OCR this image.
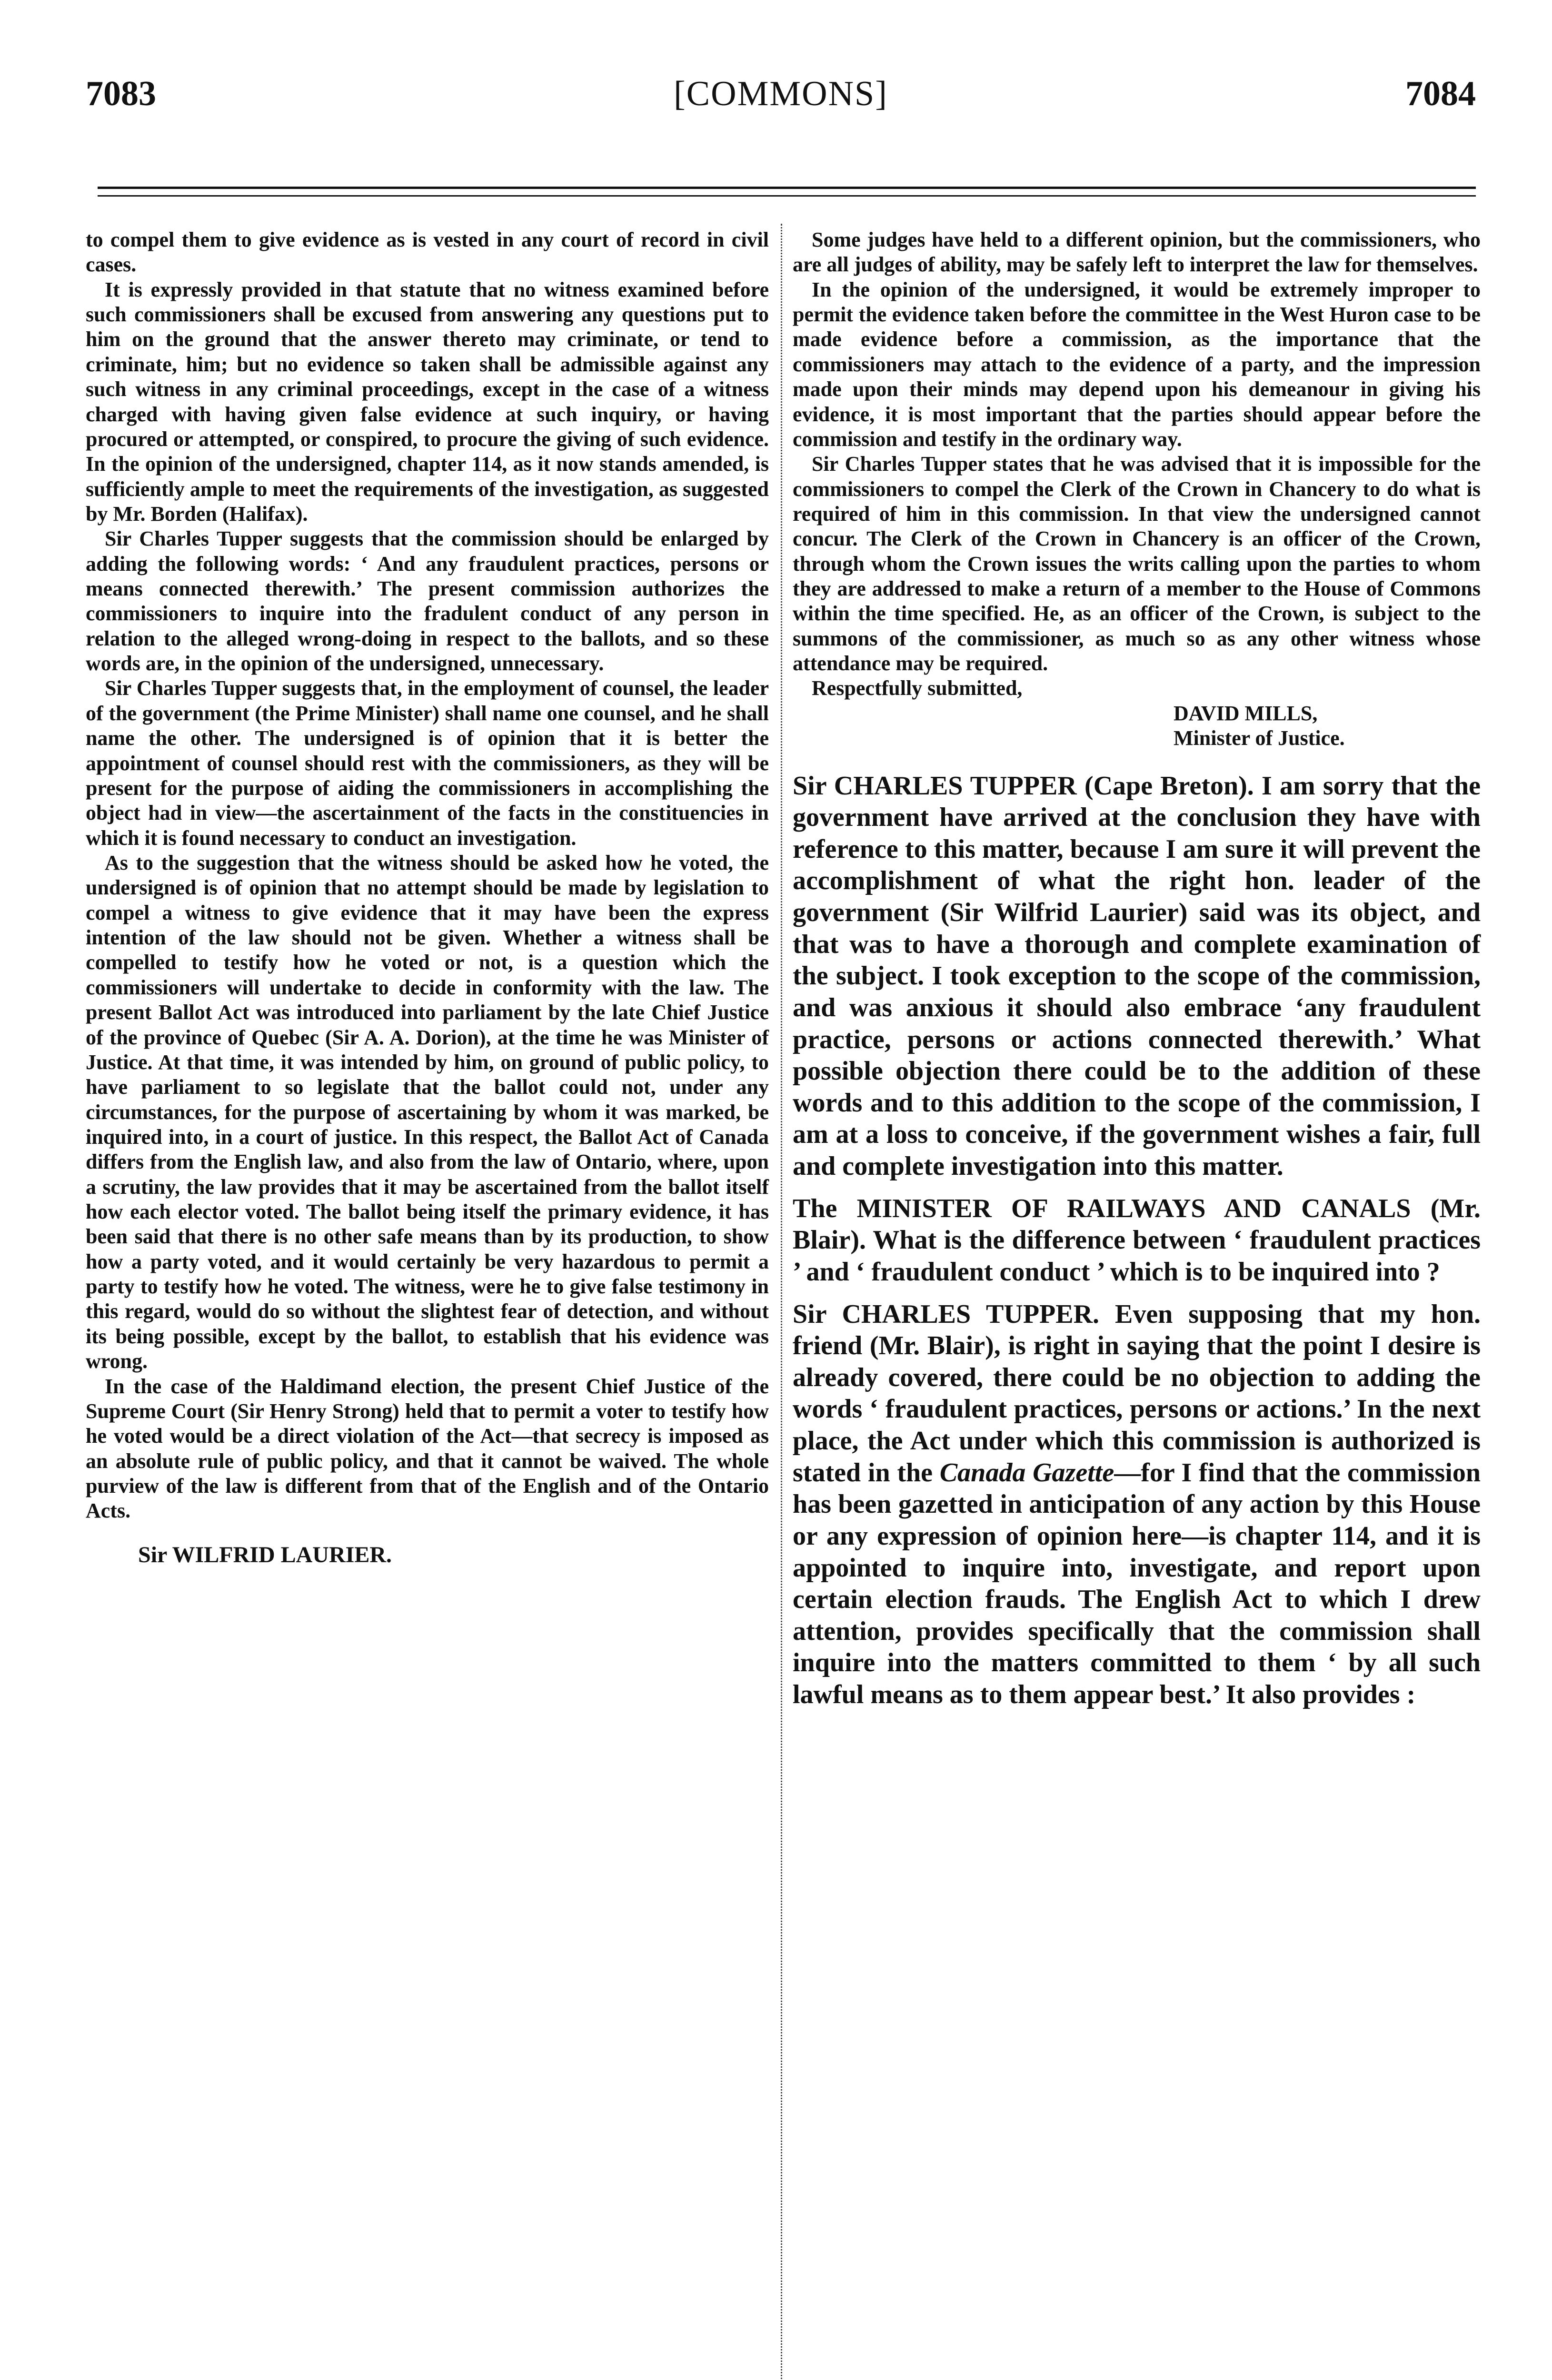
7083	[COMMONS]	7084

to compel them to give evidence as is vested in any court of record in civil cases.

It is expressly provided in that statute that no witness examined before such commissioners shall be excused from answering any questions put to him on the ground that the answer thereto may criminate, or tend to criminate, him; but no evidence so taken shall be admissible against any such witness in any criminal proceedings, except in the case of a witness charged with having given false evidence at such inquiry, or having procured or attempted, or conspired, to procure the giving of such evidence. In the opinion of the undersigned, chapter 114, as it now stands amended, is sufficiently ample to meet the requirements of the investigation, as suggested by Mr. Borden (Halifax).

Sir Charles Tupper suggests that the commission should be enlarged by adding the following words: ‘ And any fraudulent practices, persons or means connected therewith.’ The present commission authorizes the commissioners to inquire into the fradulent conduct of any person in relation to the alleged wrong-doing in respect to the ballots, and so these words are, in the opinion of the undersigned, unnecessary.

Sir Charles Tupper suggests that, in the employment of counsel, the leader of the government (the Prime Minister) shall name one counsel, and he shall name the other. The undersigned is of opinion that it is better the appointment of counsel should rest with the commissioners, as they will be present for the purpose of aiding the commissioners in accomplishing the object had in view—the ascertainment of the facts in the constituencies in which it is found necessary to conduct an investigation.

As to the suggestion that the witness should be asked how he voted, the undersigned is of opinion that no attempt should be made by legislation to compel a witness to give evidence that it may have been the express intention of the law should not be given. Whether a witness shall be compelled to testify how he voted or not, is a question which the commissioners will undertake to decide in conformity with the law. The present Ballot Act was introduced into parliament by the late Chief Justice of the province of Quebec (Sir A. A. Dorion), at the time he was Minister of Justice. At that time, it was intended by him, on ground of public policy, to have parliament to so legislate that the ballot could not, under any circumstances, for the purpose of ascertaining by whom it was marked, be inquired into, in a court of justice. In this respect, the Ballot Act of Canada differs from the English law, and also from the law of Ontario, where, upon a scrutiny, the law provides that it may be ascertained from the ballot itself how each elector voted. The ballot being itself the primary evidence, it has been said that there is no other safe means than by its production, to show how a party voted, and it would certainly be very hazardous to permit a party to testify how he voted. The witness, were he to give false testimony in this regard, would do so without the slightest fear of detection, and without its being possible, except by the ballot, to establish that his evidence was wrong.

In the case of the Haldimand election, the present Chief Justice of the Supreme Court (Sir Henry Strong) held that to permit a voter to testify how he voted would be a direct violation of the Act—that secrecy is imposed as an absolute rule of public policy, and that it cannot be waived. The whole purview of the law is different from that of the English and of the Ontario Acts.

Sir WILFRID LAURIER.

Some judges have held to a different opinion, but the commissioners, who are all judges of ability, may be safely left to interpret the law for themselves.

In the opinion of the undersigned, it would be extremely improper to permit the evidence taken before the committee in the West Huron case to be made evidence before a commission, as the importance that the commissioners may attach to the evidence of a party, and the impression made upon their minds may depend upon his demeanour in giving his evidence, it is most important that the parties should appear before the commission and testify in the ordinary way.

Sir Charles Tupper states that he was advised that it is impossible for the commissioners to compel the Clerk of the Crown in Chancery to do what is required of him in this commission. In that view the undersigned cannot concur. The Clerk of the Crown in Chancery is an officer of the Crown, through whom the Crown issues the writs calling upon the parties to whom they are addressed to make a return of a member to the House of Commons within the time specified. He, as an officer of the Crown, is subject to the summons of the commissioner, as much so as any other witness whose attendance may be required.

Respectfully submitted,
DAVID MILLS,
Minister of Justice.

Sir CHARLES TUPPER (Cape Breton). I am sorry that the government have arrived at the conclusion they have with reference to this matter, because I am sure it will prevent the accomplishment of what the right hon. leader of the government (Sir Wilfrid Laurier) said was its object, and that was to have a thorough and complete examination of the subject. I took exception to the scope of the commission, and was anxious it should also embrace ‘any fraudulent practice, persons or actions connected therewith.’ What possible objection there could be to the addition of these words and to this addition to the scope of the commission, I am at a loss to conceive, if the government wishes a fair, full and complete investigation into this matter.

The MINISTER OF RAILWAYS AND CANALS (Mr. Blair). What is the difference between ‘ fraudulent practices ’ and ‘ fraudulent conduct ’ which is to be inquired into ?

Sir CHARLES TUPPER. Even supposing that my hon. friend (Mr. Blair), is right in saying that the point I desire is already covered, there could be no objection to adding the words ‘ fraudulent practices, persons or actions.’ In the next place, the Act under which this commission is authorized is stated in the Canada Gazette—for I find that the commission has been gazetted in anticipation of any action by this House or any expression of opinion here—is chapter 114, and it is appointed to inquire into, investigate, and report upon certain election frauds. The English Act to which I drew attention, provides specifically that the commission shall inquire into the matters committed to them ‘ by all such lawful means as to them appear best.’ It also provides :
